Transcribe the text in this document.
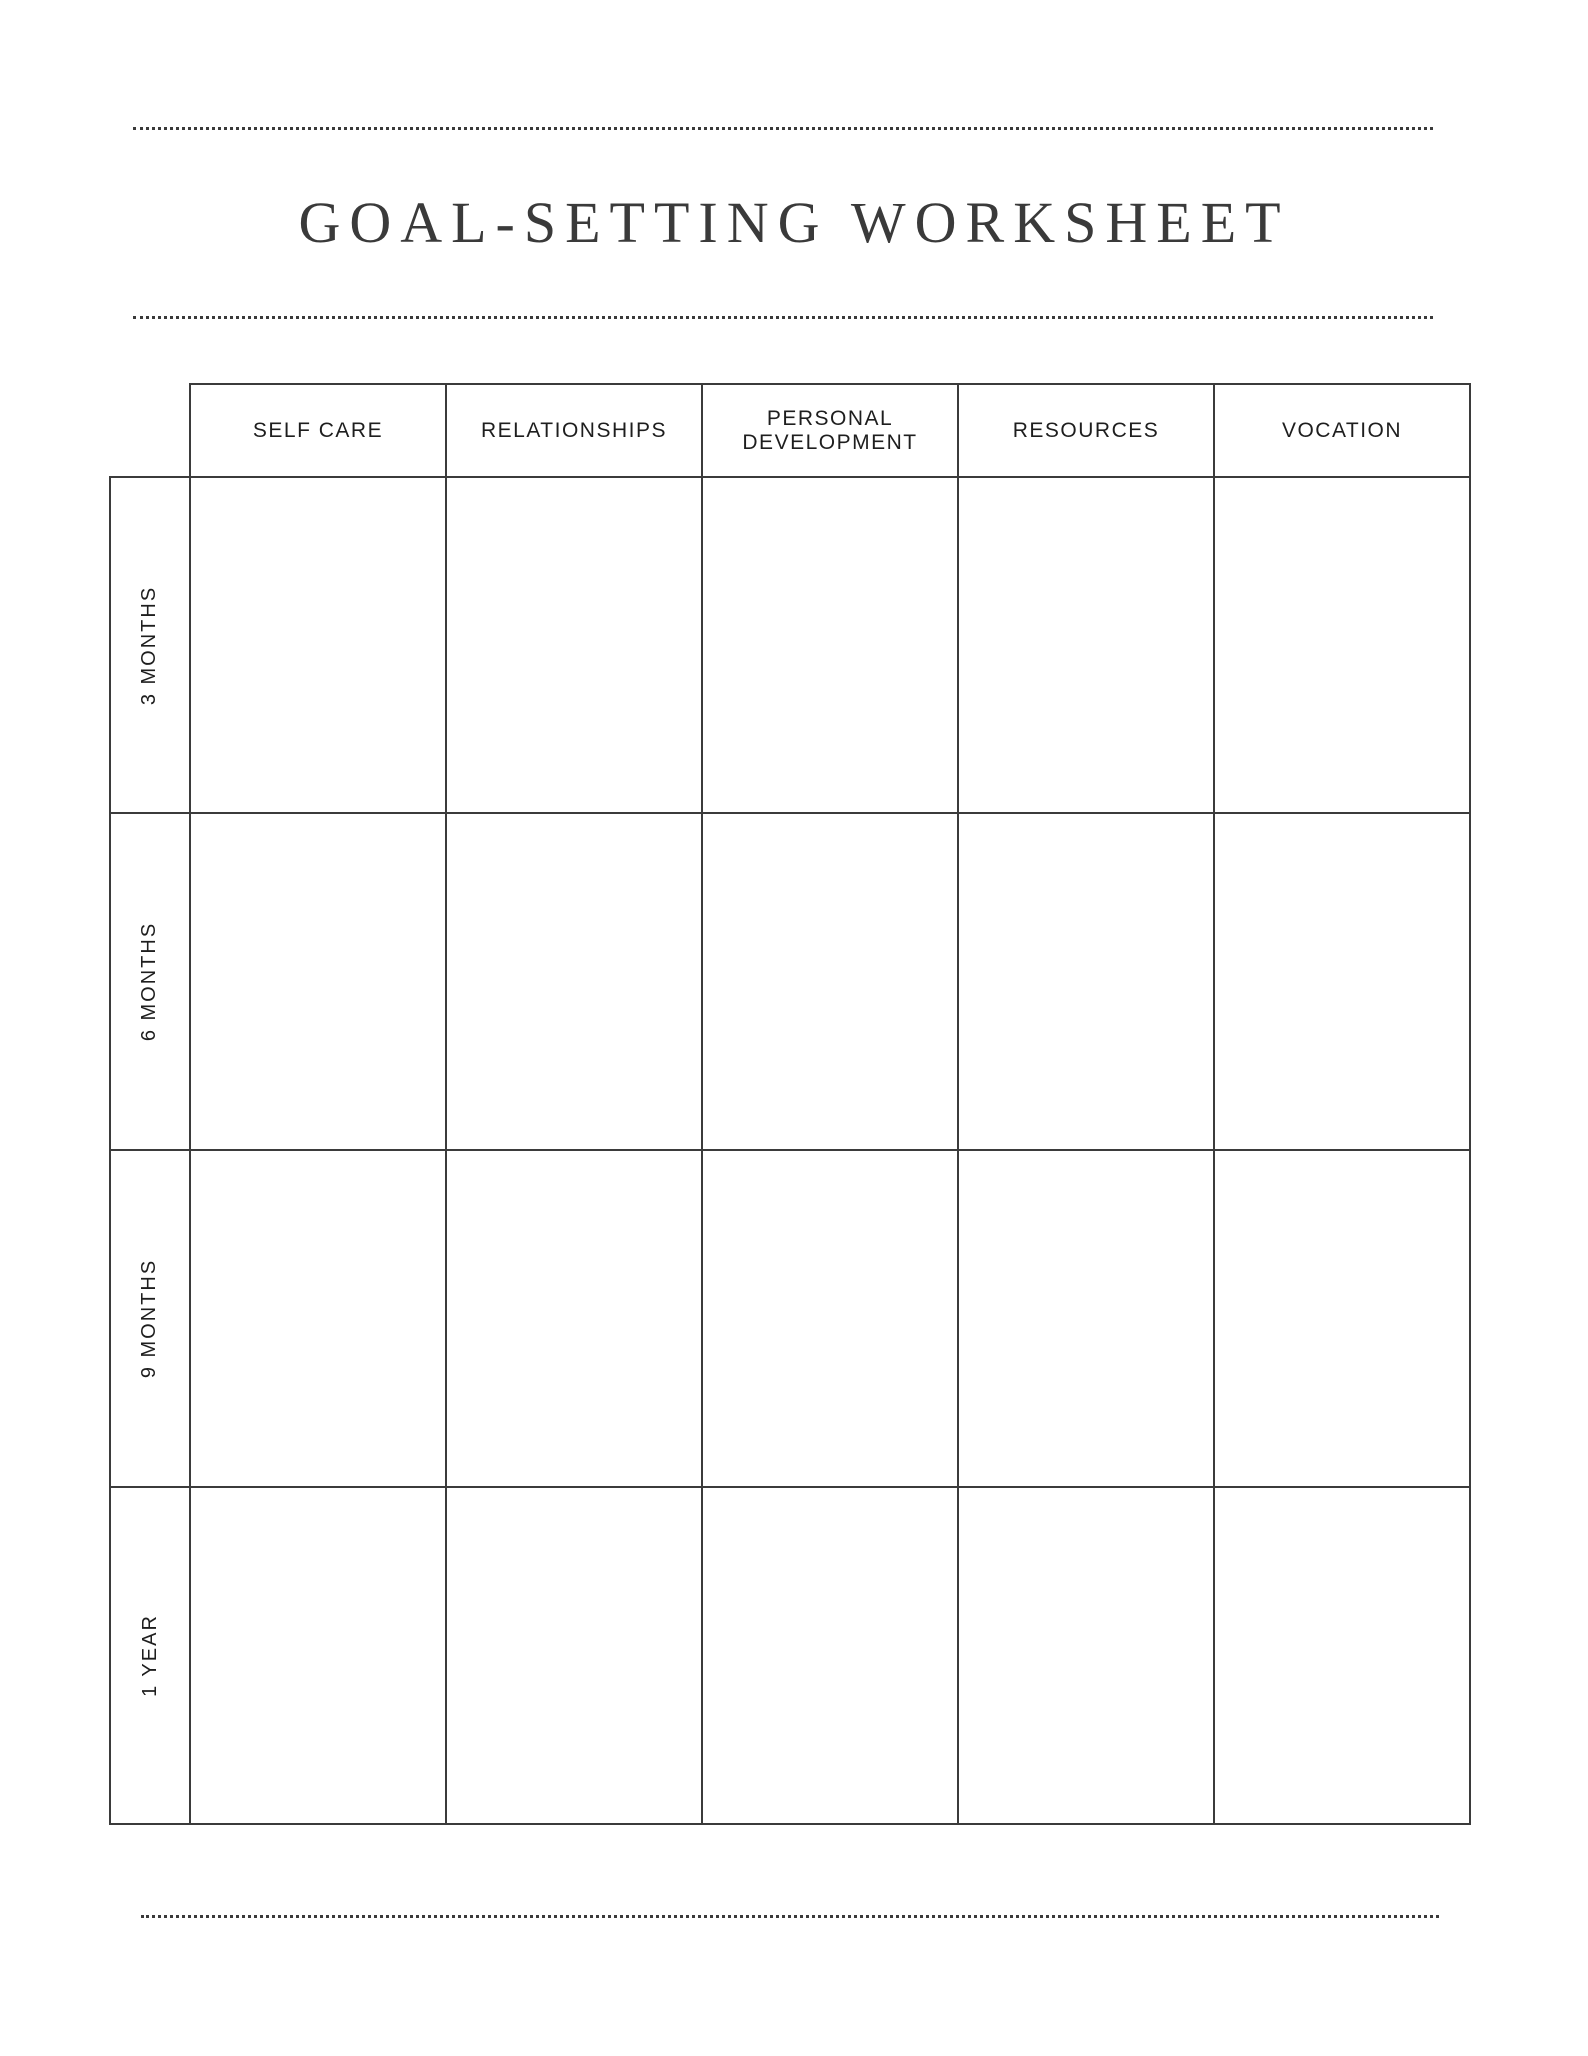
GOAL-SETTING WORKSHEET
SELF CARE	RELATIONSHIPS
PERSONAL DEVELOPMENT
RESOURCES	VOCATION
3 MONTHS
6 MONTHS
9 MONTHS
1 YEAR
